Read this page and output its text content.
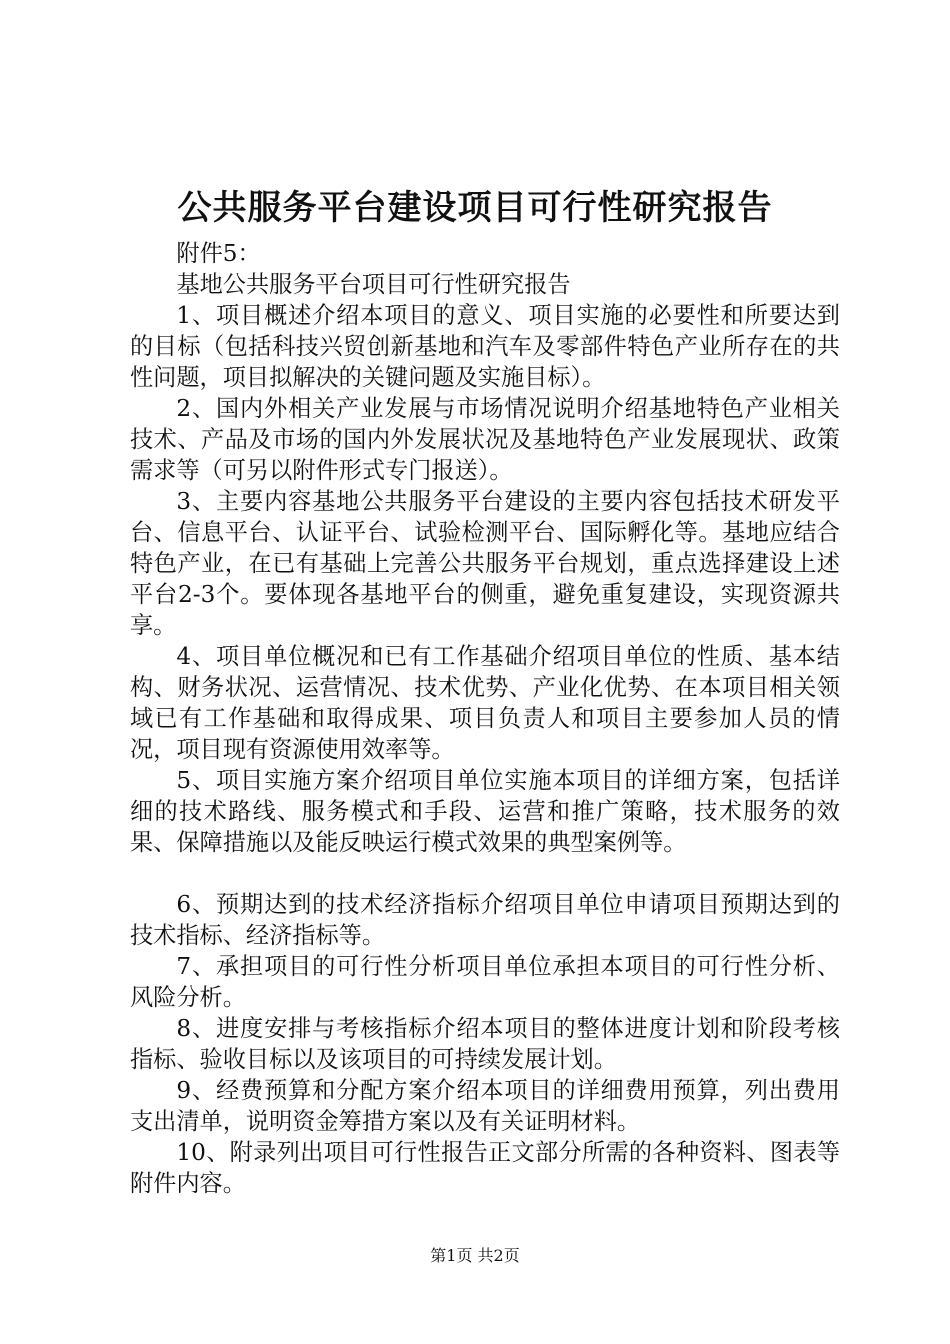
公共服务平台建设项目可行性研究报告

附件5：

基地公共服务平台项目可行性研究报告

1、项目概述介绍本项目的意义、项目实施的必要性和所要达到的目标（包括科技兴贸创新基地和汽车及零部件特色产业所存在的共性问题，项目拟解决的关键问题及实施目标）。

2、国内外相关产业发展与市场情况说明介绍基地特色产业相关技术、产品及市场的国内外发展状况及基地特色产业发展现状、政策需求等（可另以附件形式专门报送）。

3、主要内容基地公共服务平台建设的主要内容包括技术研发平台、信息平台、认证平台、试验检测平台、国际孵化等。基地应结合特色产业，在已有基础上完善公共服务平台规划，重点选择建设上述平台2-3个。要体现各基地平台的侧重，避免重复建设，实现资源共享。

4、项目单位概况和已有工作基础介绍项目单位的性质、基本结构、财务状况、运营情况、技术优势、产业化优势、在本项目相关领域已有工作基础和取得成果、项目负责人和项目主要参加人员的情况，项目现有资源使用效率等。

5、项目实施方案介绍项目单位实施本项目的详细方案，包括详细的技术路线、服务模式和手段、运营和推广策略，技术服务的效果、保障措施以及能反映运行模式效果的典型案例等。

6、预期达到的技术经济指标介绍项目单位申请项目预期达到的技术指标、经济指标等。

7、承担项目的可行性分析项目单位承担本项目的可行性分析、风险分析。

8、进度安排与考核指标介绍本项目的整体进度计划和阶段考核指标、验收目标以及该项目的可持续发展计划。

9、经费预算和分配方案介绍本项目的详细费用预算，列出费用支出清单，说明资金筹措方案以及有关证明材料。

10、附录列出项目可行性报告正文部分所需的各种资料、图表等附件内容。

第1页 共2页
